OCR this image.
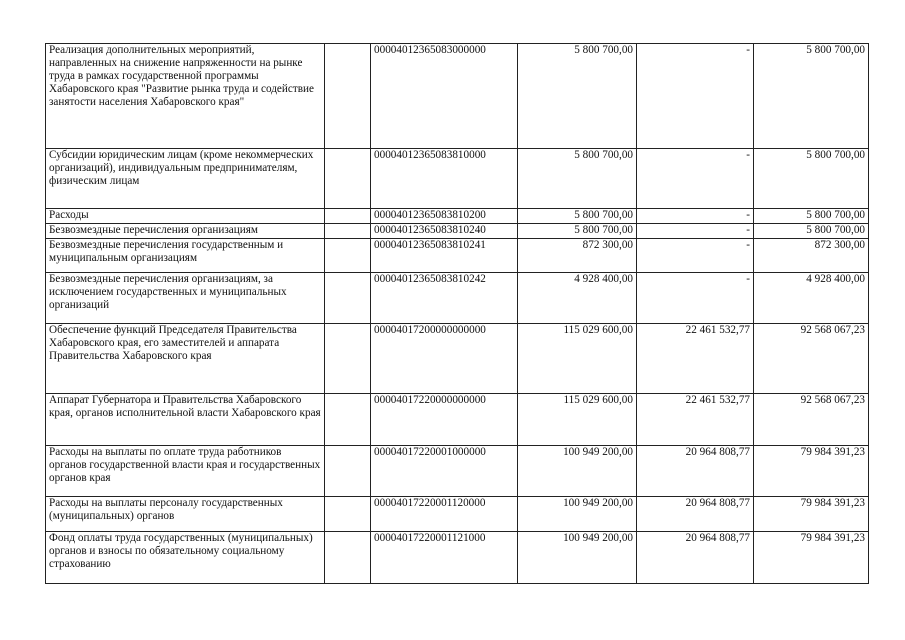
Реализация дополнительных мероприятий, направленных на снижение напряженности на рынке труда в рамках государственной программы Хабаровского края "Развитие рынка труда и содействие занятости населения Хабаровского края"		00004012365083000000	5 800 700,00	-	5 800 700,00
Субсидии юридическим лицам (кроме некоммерческих организаций), индивидуальным предпринимателям, физическим лицам		00004012365083810000	5 800 700,00	-	5 800 700,00
Расходы		00004012365083810200	5 800 700,00	-	5 800 700,00
Безвозмездные перечисления организациям		00004012365083810240	5 800 700,00	-	5 800 700,00
Безвозмездные перечисления государственным и муниципальным организациям		00004012365083810241	872 300,00	-	872 300,00
Безвозмездные перечисления организациям, за исключением государственных и муниципальных организаций		00004012365083810242	4 928 400,00	-	4 928 400,00
Обеспечение функций Председателя Правительства Хабаровского края, его заместителей и аппарата Правительства Хабаровского края		00004017200000000000	115 029 600,00	22 461 532,77	92 568 067,23
Аппарат Губернатора и Правительства Хабаровского края, органов исполнительной власти Хабаровского края		00004017220000000000	115 029 600,00	22 461 532,77	92 568 067,23
Расходы на выплаты по оплате труда работников органов государственной власти края и государственных органов края		00004017220001000000	100 949 200,00	20 964 808,77	79 984 391,23
Расходы на выплаты персоналу государственных (муниципальных) органов		00004017220001120000	100 949 200,00	20 964 808,77	79 984 391,23
Фонд оплаты труда государственных (муниципальных) органов и взносы по обязательному социальному страхованию		00004017220001121000	100 949 200,00	20 964 808,77	79 984 391,23
